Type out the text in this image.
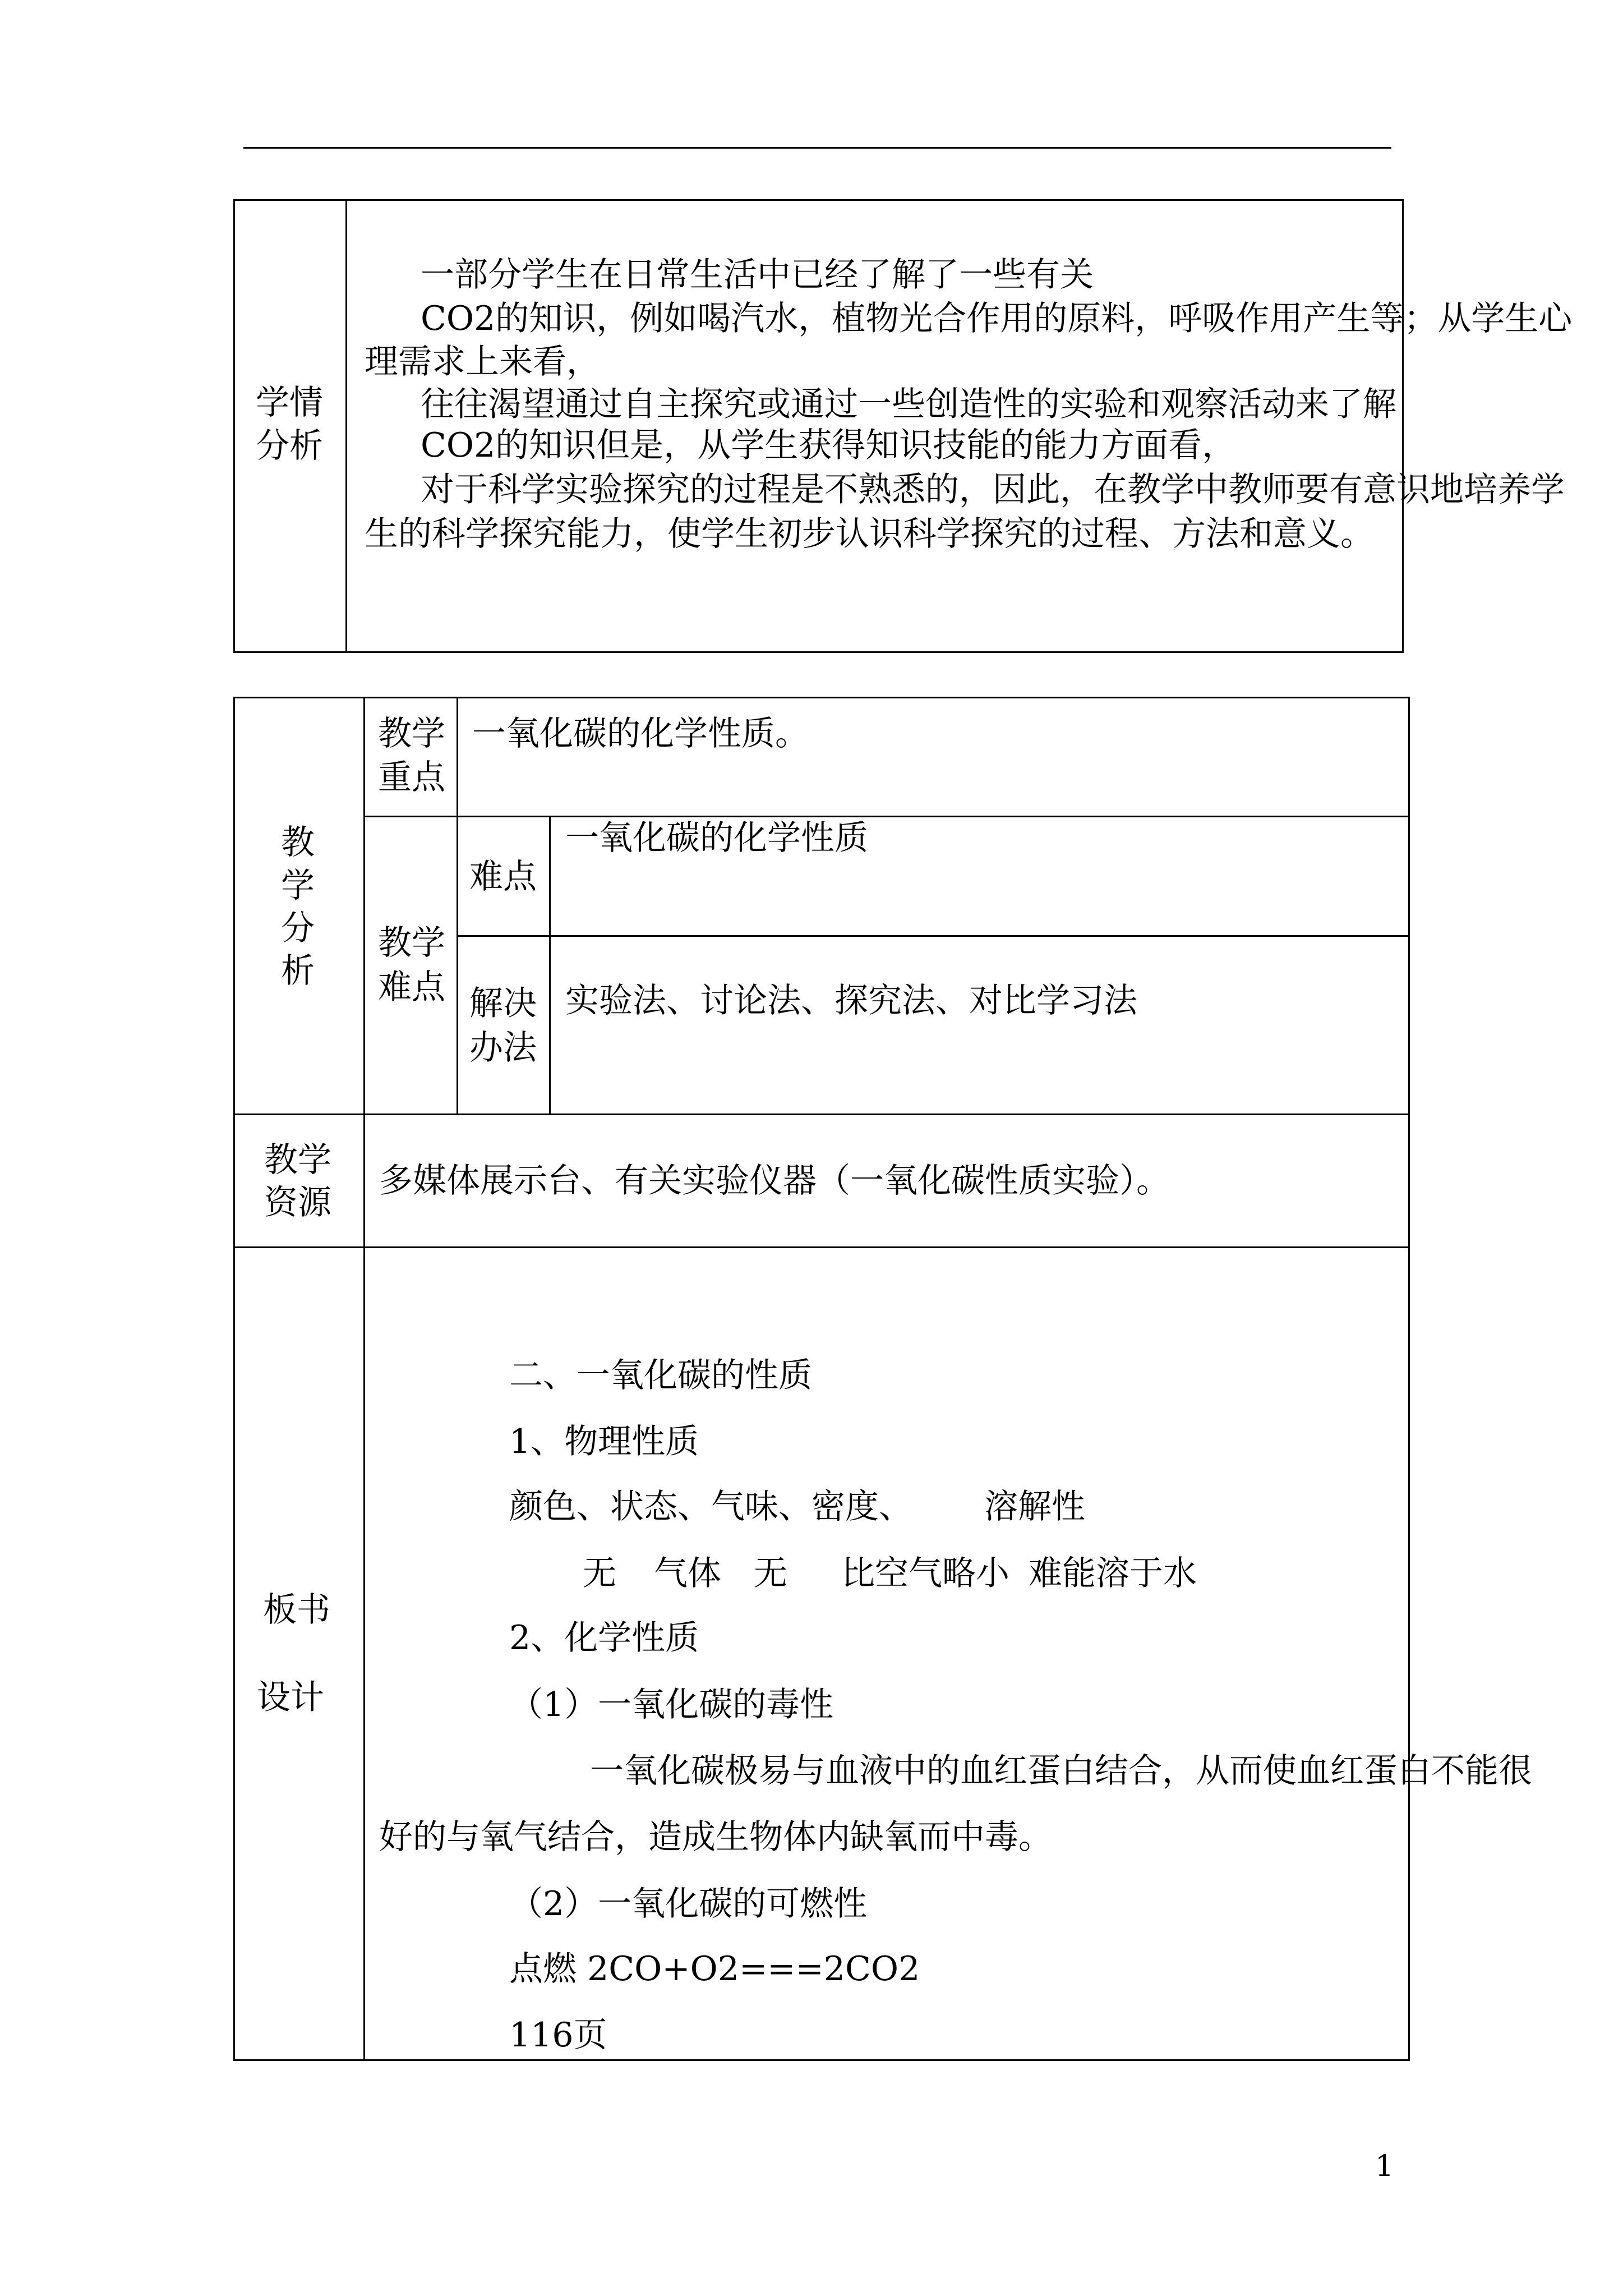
学情
分析
一部分学生在日常生活中已经了解了一些有关
CO2的知识，例如喝汽水，植物光合作用的原料，呼吸作用产生等；从学生心
理需求上来看，
往往渴望通过自主探究或通过一些创造性的实验和观察活动来了解
CO2的知识但是，从学生获得知识技能的能力方面看，
对于科学实验探究的过程是不熟悉的，因此，在教学中教师要有意识地培养学
生的科学探究能力，使学生初步认识科学探究的过程、方法和意义。
教
学
分
析
教学
重点
一氧化碳的化学性质。
教学
难点
难点
一氧化碳的化学性质
解决
办法
实验法、讨论法、探究法、对比学习法
教学
资源
多媒体展示台、有关实验仪器（一氧化碳性质实验）。
板书
设计
二、一氧化碳的性质
1、物理性质
颜色、状态、气味、 密度、 溶解性
无 气体 无 比空气略小 难能溶于水
2、化学性质
（1）一氧化碳的毒性
一氧化碳极易与血液中的血红蛋白结合，从而使血红蛋白不能很
好的与氧气结合，造成生物体内缺氧而中毒。
（2）一氧化碳的可燃性
点燃 2CO+O2===2CO2
116页
1
